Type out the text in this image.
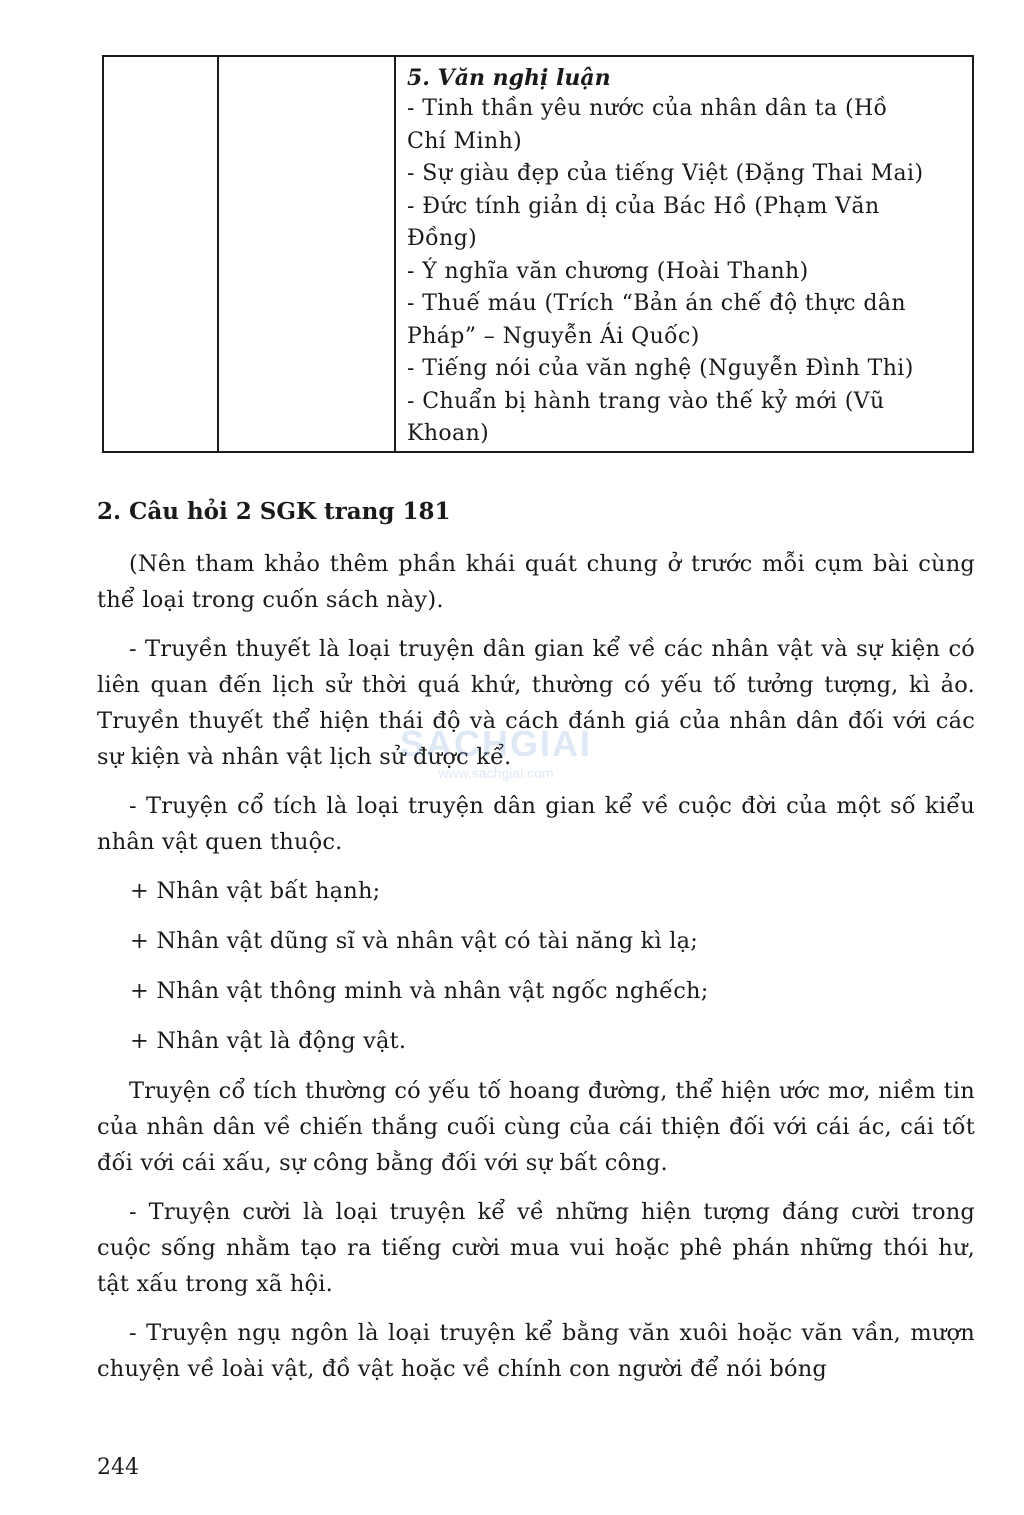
5. Văn nghị luận

- Tinh thần yêu nước của nhân dân ta (Hồ

Chí Minh)

- Sự giàu đẹp của tiếng Việt (Đặng Thai Mai)

- Đức tính giản dị của Bác Hồ (Phạm Văn

Đồng)

- Ý nghĩa văn chương (Hoài Thanh)

- Thuế máu (Trích “Bản án chế độ thực dân

Pháp” – Nguyễn Ái Quốc)

- Tiếng nói của văn nghệ (Nguyễn Đình Thi)

- Chuẩn bị hành trang vào thế kỷ mới (Vũ

Khoan)

2. Câu hỏi 2 SGK trang 181

(Nên tham khảo thêm phần khái quát chung ở trước mỗi cụm bài cùng thể loại trong cuốn sách này).

- Truyền thuyết là loại truyện dân gian kể về các nhân vật và sự kiện có liên quan đến lịch sử thời quá khứ, thường có yếu tố tưởng tượng, kì ảo. Truyền thuyết thể hiện thái độ và cách đánh giá của nhân dân đối với các sự kiện và nhân vật lịch sử được kể.

- Truyện cổ tích là loại truyện dân gian kể về cuộc đời của một số kiểu nhân vật quen thuộc.

+ Nhân vật bất hạnh;

+ Nhân vật dũng sĩ và nhân vật có tài năng kì lạ;

+ Nhân vật thông minh và nhân vật ngốc nghếch;

+ Nhân vật là động vật.

Truyện cổ tích thường có yếu tố hoang đường, thể hiện ước mơ, niềm tin của nhân dân về chiến thắng cuối cùng của cái thiện đối với cái ác, cái tốt đối với cái xấu, sự công bằng đối với sự bất công.

- Truyện cười là loại truyện kể về những hiện tượng đáng cười trong cuộc sống nhằm tạo ra tiếng cười mua vui hoặc phê phán những thói hư, tật xấu trong xã hội.

- Truyện ngụ ngôn là loại truyện kể bằng văn xuôi hoặc văn vần, mượn chuyện về loài vật, đồ vật hoặc về chính con người để nói bóng

SACHGIAI
www.sachgiai.com

244
